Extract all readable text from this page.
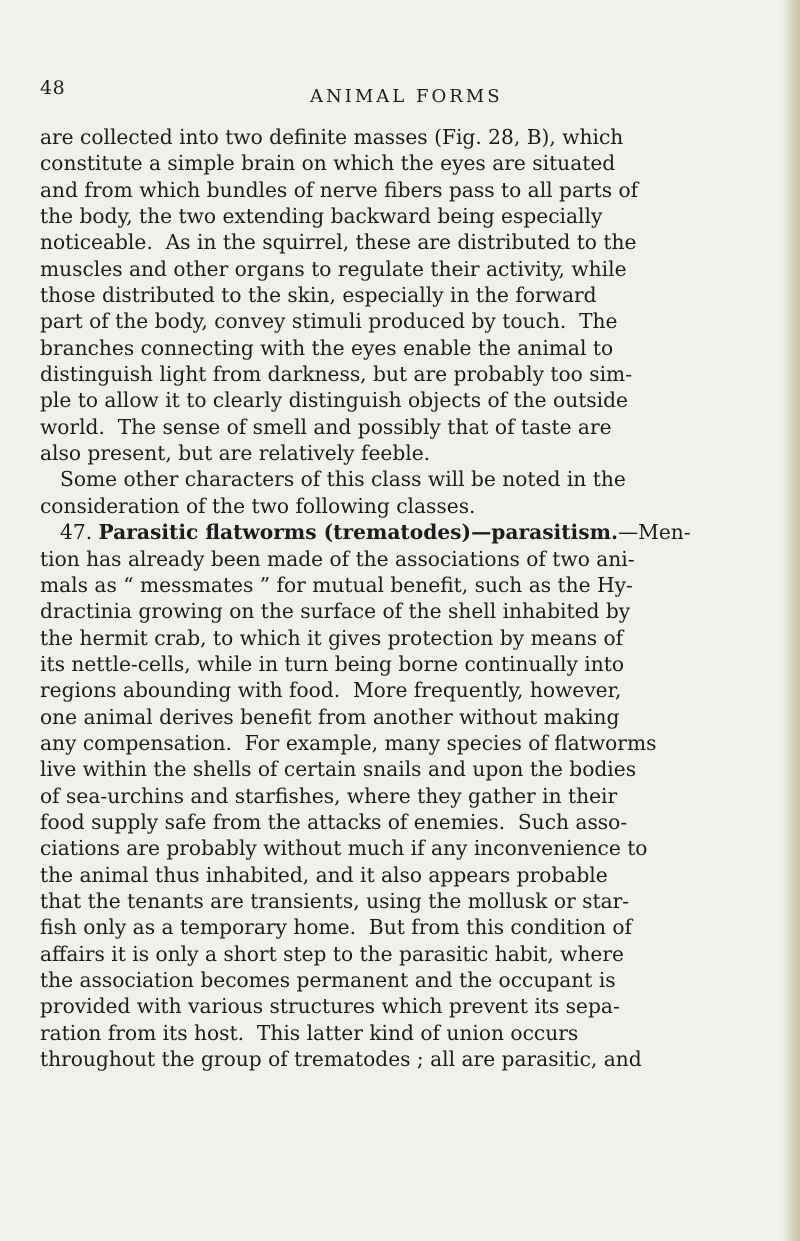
48	ANIMAL FORMS
are collected into two definite masses (Fig. 28, B), which
constitute a simple brain on which the eyes are situated
and from which bundles of nerve fibers pass to all parts of
the body, the two extending backward being especially
noticeable.  As in the squirrel, these are distributed to the
muscles and other organs to regulate their activity, while
those distributed to the skin, especially in the forward
part of the body, convey stimuli produced by touch.  The
branches connecting with the eyes enable the animal to
distinguish light from darkness, but are probably too sim-
ple to allow it to clearly distinguish objects of the outside
world.  The sense of smell and possibly that of taste are
also present, but are relatively feeble.
Some other characters of this class will be noted in the
consideration of the two following classes.
47. Parasitic flatworms (trematodes)—parasitism.—Men-
tion has already been made of the associations of two ani-
mals as “ messmates ” for mutual benefit, such as the Hy-
dractinia growing on the surface of the shell inhabited by
the hermit crab, to which it gives protection by means of
its nettle-cells, while in turn being borne continually into
regions abounding with food.  More frequently, however,
one animal derives benefit from another without making
any compensation.  For example, many species of flatworms
live within the shells of certain snails and upon the bodies
of sea-urchins and starfishes, where they gather in their
food supply safe from the attacks of enemies.  Such asso-
ciations are probably without much if any inconvenience to
the animal thus inhabited, and it also appears probable
that the tenants are transients, using the mollusk or star-
fish only as a temporary home.  But from this condition of
affairs it is only a short step to the parasitic habit, where
the association becomes permanent and the occupant is
provided with various structures which prevent its sepa-
ration from its host.  This latter kind of union occurs
throughout the group of trematodes ; all are parasitic, and
